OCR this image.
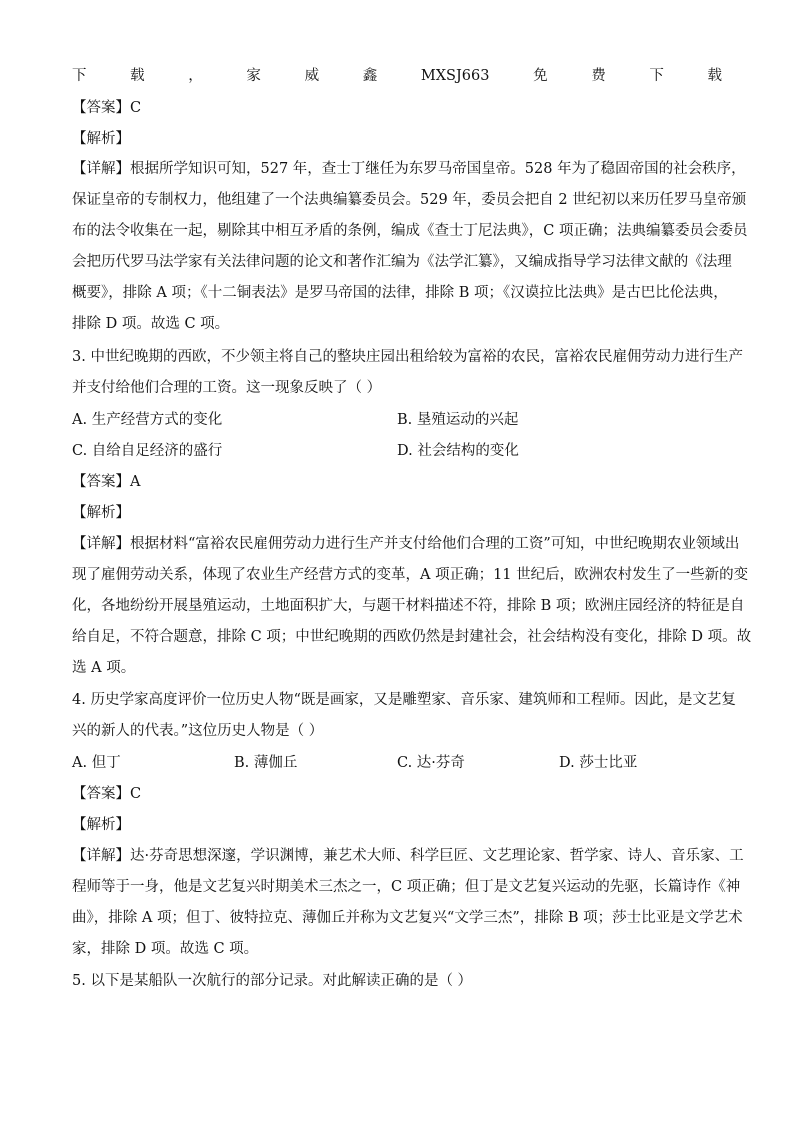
下	载	，	家	威	鑫	MXSJ663	免	费	下	载
【答案】C
【解析】
【详解】根据所学知识可知，527 年，查士丁继任为东罗马帝国皇帝。528 年为了稳固帝国的社会秩序，
保证皇帝的专制权力，他组建了一个法典编纂委员会。529 年，委员会把自 2 世纪初以来历任罗马皇帝颁
布的法令收集在一起，剔除其中相互矛盾的条例，编成《查士丁尼法典》，C 项正确；法典编纂委员会委员
会把历代罗马法学家有关法律问题的论文和著作汇编为《法学汇纂》，又编成指导学习法律文献的《法理
概要》，排除 A 项；《十二铜表法》是罗马帝国的法律，排除 B 项；《汉谟拉比法典》是古巴比伦法典，
排除 D 项。故选 C 项。
3. 中世纪晚期的西欧，不少领主将自己的整块庄园出租给较为富裕的农民，富裕农民雇佣劳动力进行生产
并支付给他们合理的工资。这一现象反映了（ ）
A. 生产经营方式的变化	B. 垦殖运动的兴起
C. 自给自足经济的盛行	D. 社会结构的变化
【答案】A
【解析】
【详解】根据材料“富裕农民雇佣劳动力进行生产并支付给他们合理的工资”可知，中世纪晚期农业领域出
现了雇佣劳动关系，体现了农业生产经营方式的变革，A 项正确；11 世纪后，欧洲农村发生了一些新的变
化，各地纷纷开展垦殖运动，土地面积扩大，与题干材料描述不符，排除 B 项；欧洲庄园经济的特征是自
给自足，不符合题意，排除 C 项；中世纪晚期的西欧仍然是封建社会，社会结构没有变化，排除 D 项。故
选 A 项。
4. 历史学家高度评价一位历史人物“既是画家，又是雕塑家、音乐家、建筑师和工程师。因此，是文艺复
兴的新人的代表。”这位历史人物是（ ）
A. 但丁	B. 薄伽丘	C. 达·芬奇	D. 莎士比亚
【答案】C
【解析】
【详解】达·芬奇思想深邃，学识渊博，兼艺术大师、科学巨匠、文艺理论家、哲学家、诗人、音乐家、工
程师等于一身，他是文艺复兴时期美术三杰之一，C 项正确；但丁是文艺复兴运动的先驱，长篇诗作《神
曲》，排除 A 项；但丁、彼特拉克、薄伽丘并称为文艺复兴“文学三杰”，排除 B 项；莎士比亚是文学艺术
家，排除 D 项。故选 C 项。
5. 以下是某船队一次航行的部分记录。对此解读正确的是（ ）
